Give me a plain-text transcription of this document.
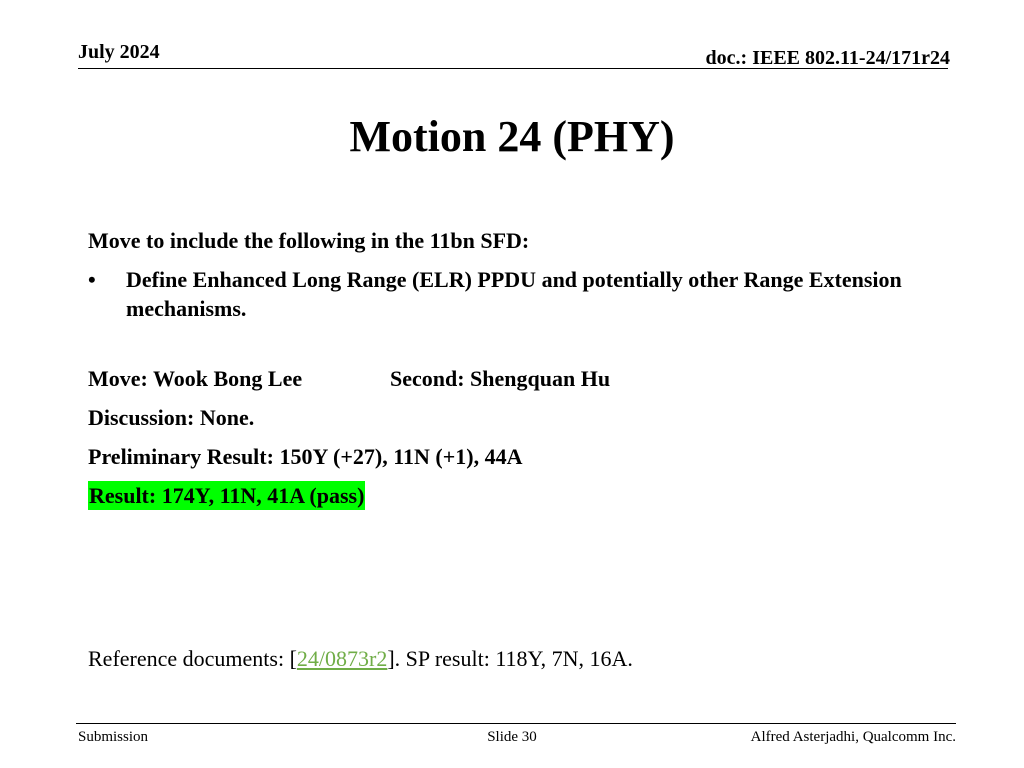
July 2024	doc.: IEEE 802.11-24/171r24
Motion 24 (PHY)

Move to include the following in the 11bn SFD:

•	Define Enhanced Long Range (ELR) PPDU and potentially other Range Extension mechanisms.
Move: Wook Bong Lee	Second: Shengquan Hu

Discussion: None.

Preliminary Result: 150Y (+27), 11N (+1), 44A

Result: 174Y, 11N, 41A (pass)

Reference documents: [24/0873r2]. SP result: 118Y, 7N, 16A.
Submission	Slide 30	Alfred Asterjadhi, Qualcomm Inc.
